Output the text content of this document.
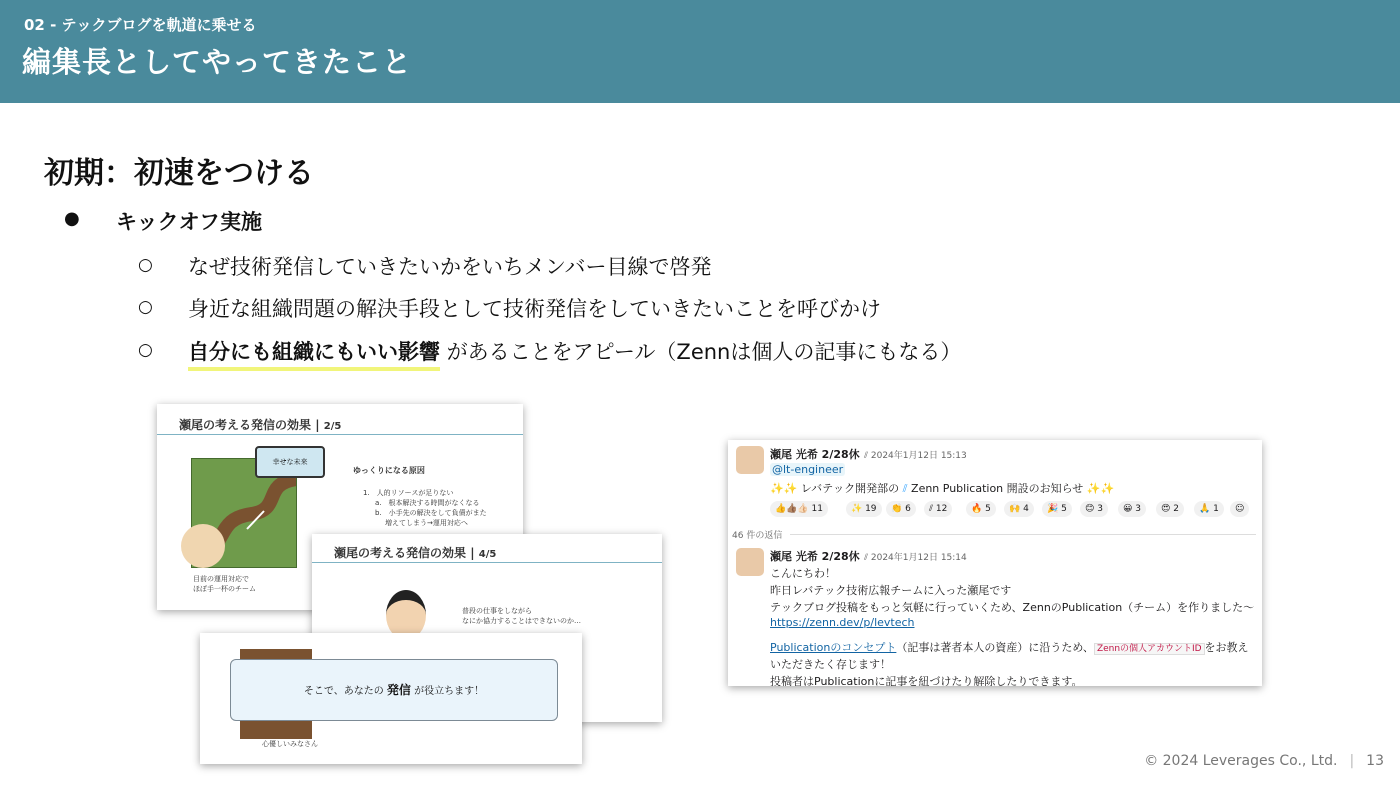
02 - テックブログを軌道に乗せる
編集長としてやってきたこと
初期：初速をつける
● キックオフ実施
○ なぜ技術発信していきたいかをいちメンバー目線で啓発
○ 身近な組織問題の解決手段として技術発信をしていきたいことを呼びかけ
○ 自分にも組織にもいい影響 があることをアピール（Zennは個人の記事にもなる）
瀬尾の考える発信の効果 | 2/5
幸せな未来
目前の運用対応で
ほぼ手一杯のチーム
ゆっくりになる原因
1.　人的リソースが足りない
a.　根本解決する時間がなくなる
b.　小手先の解決をして負債がまた
増えてしまう→運用対応へ
瀬尾の考える発信の効果 | 4/5
普段の仕事をしながら
なにか協力することはできないのか…
そこで、あなたの 発信 が役立ちます！
心優しいみなさん
瀬尾 光希 2/28休 ⫽ 2024年1月12日 15:13
@lt-engineer
✨✨ レバテック開発部の ⫽ Zenn Publication 開設のお知らせ ✨✨
👍👍🏽👍🏻 11	✨ 19	👏 6	⫽ 12	🔥 5	🙌 4	🎉 5	😊 3	😀 3	😍 2	🙏 1	☺
46 件の返信
瀬尾 光希 2/28休 ⫽ 2024年1月12日 15:14
こんにちわ！
昨日レバテック技術広報チームに入った瀬尾です
テックブログ投稿をもっと気軽に行っていくため、ZennのPublication（チーム）を作りました〜
https://zenn.dev/p/levtech
Publicationのコンセプト（記事は著者本人の資産）に沿うため、 Zennの個人アカウントID をお教え
いただきたく存じます！
投稿者はPublicationに記事を紐づけたり解除したりできます。
© 2024 Leverages Co., Ltd. | 13
